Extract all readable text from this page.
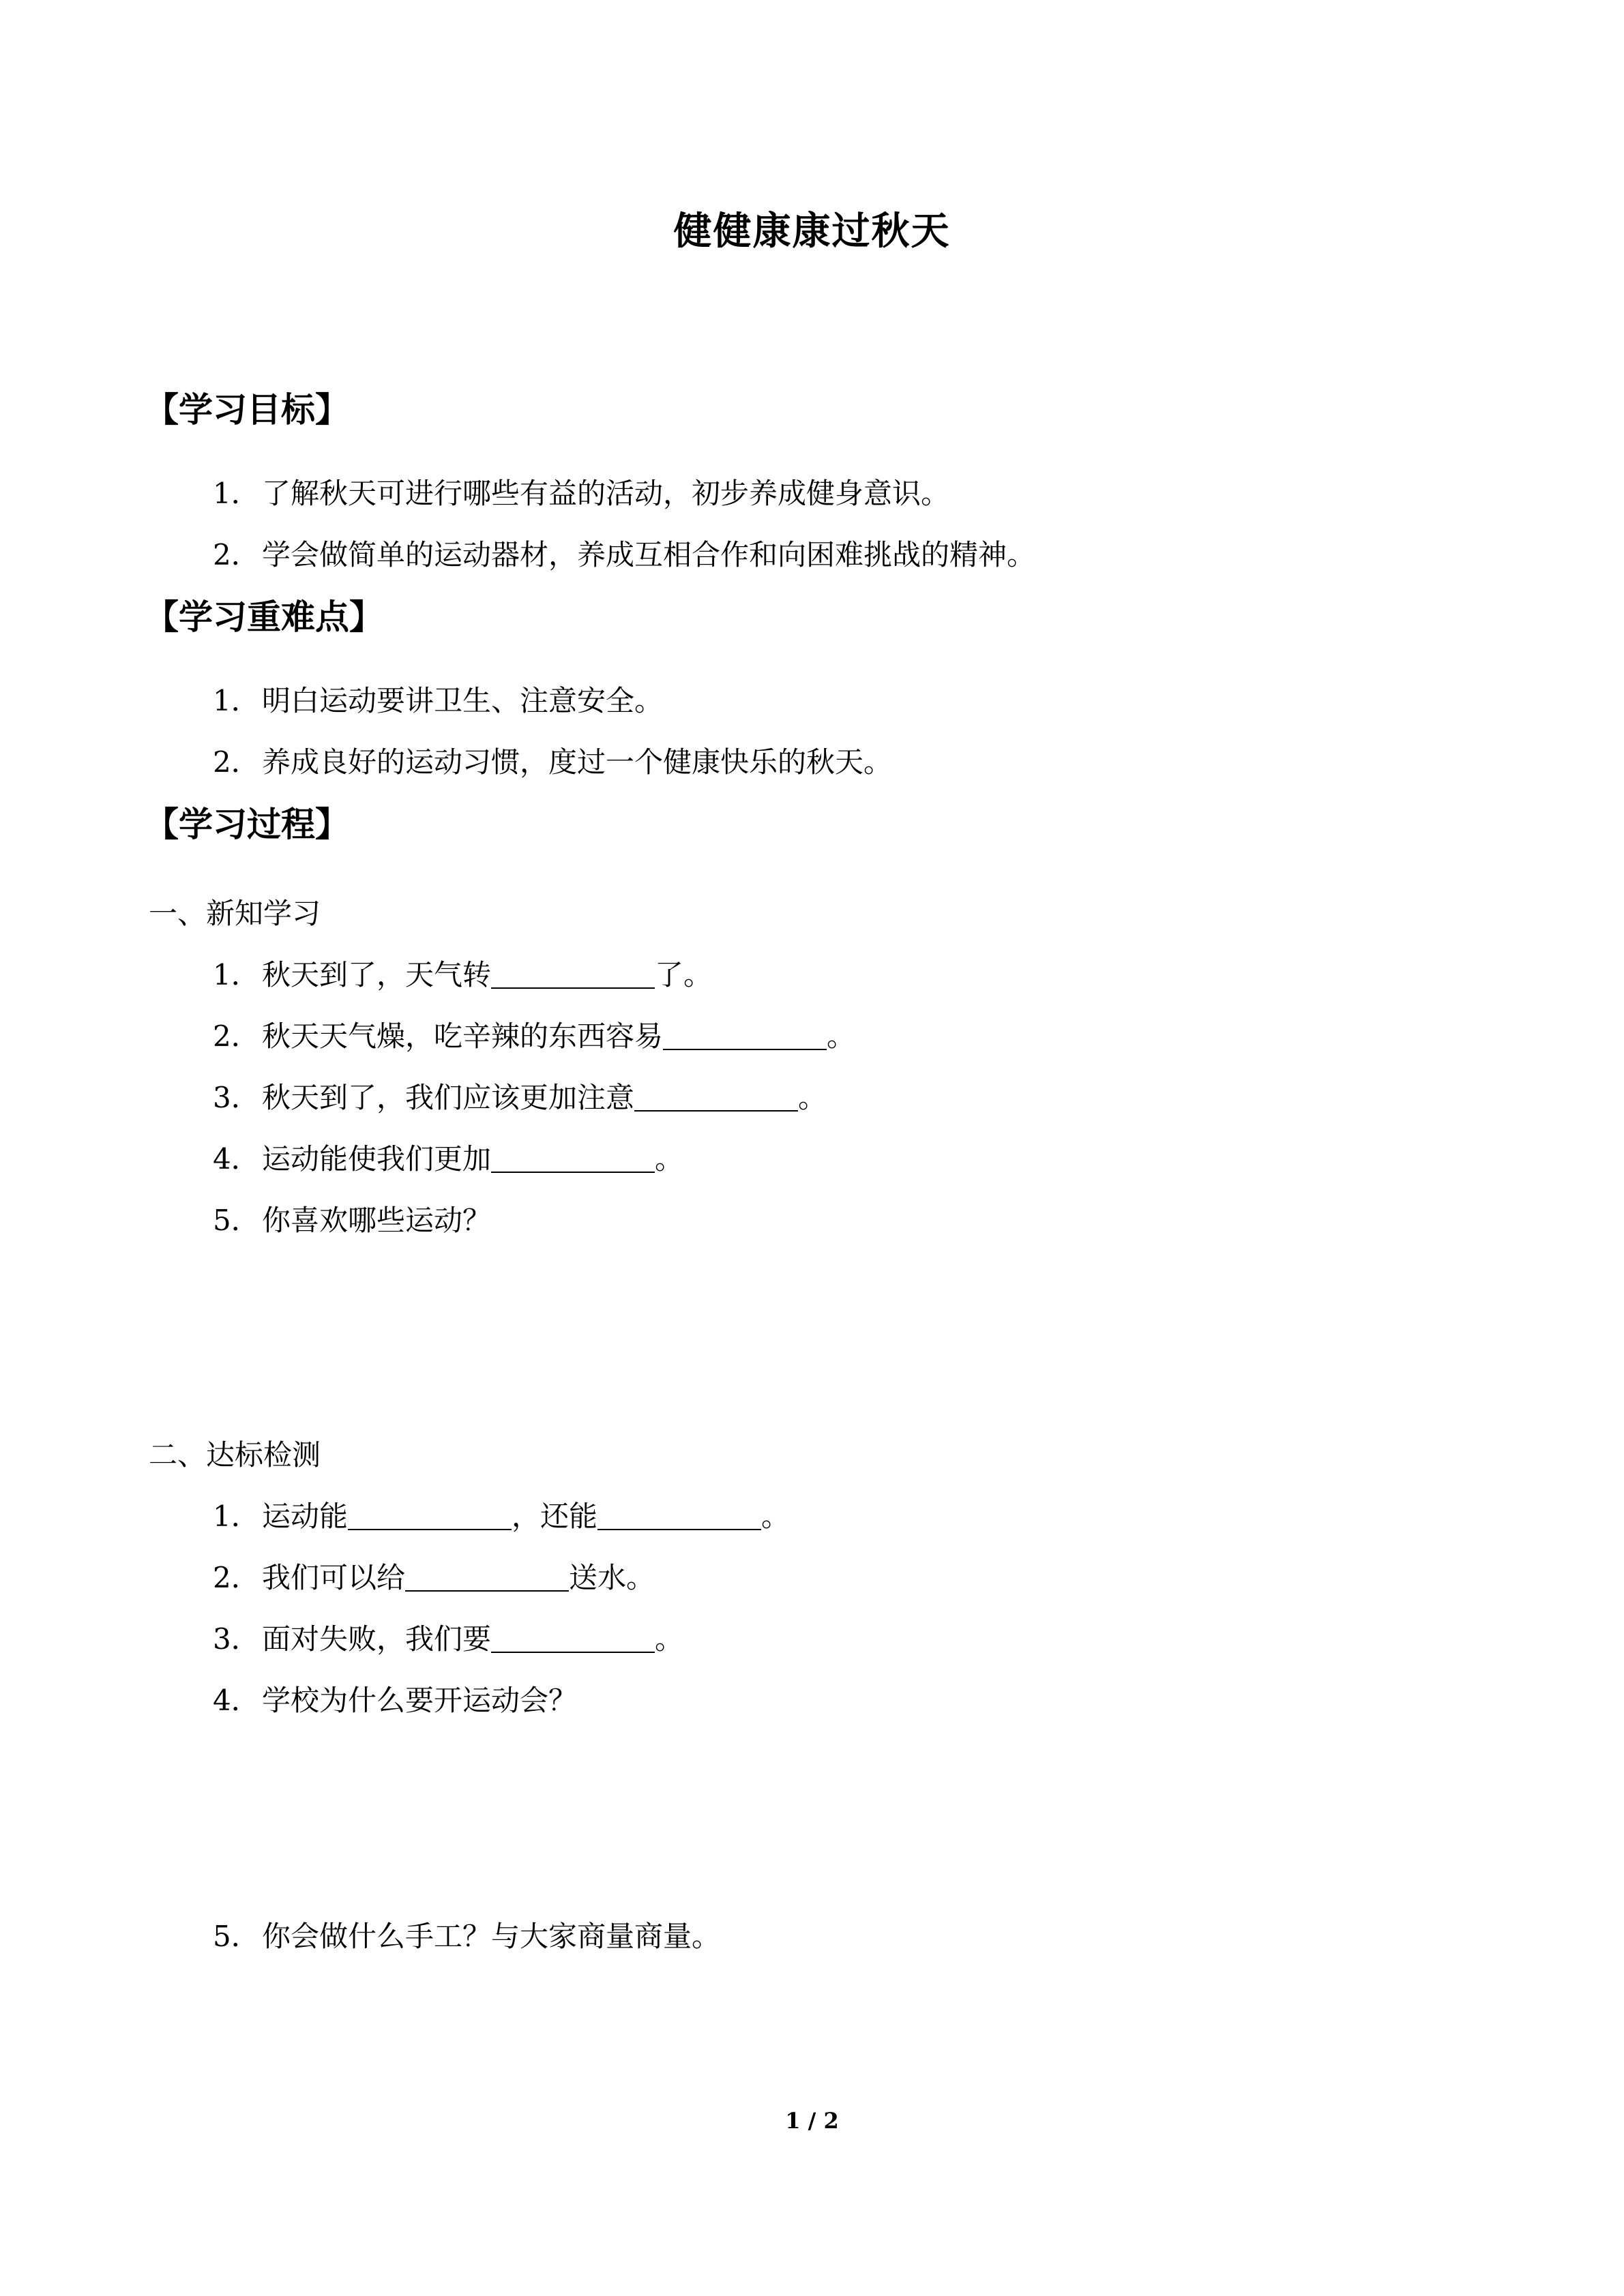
健健康康过秋天
【学习目标】
1．了解秋天可进行哪些有益的活动，初步养成健身意识。
2．学会做简单的运动器材，养成互相合作和向困难挑战的精神。
【学习重难点】
1．明白运动要讲卫生、注意安全。
2．养成良好的运动习惯，度过一个健康快乐的秋天。
【学习过程】
一、新知学习
1．秋天到了，天气转	了。
2．秋天天气燥，吃辛辣的东西容易	。
3．秋天到了，我们应该更加注意	。
4．运动能使我们更加	。
5．你喜欢哪些运动？
二、达标检测
1．运动能	，还能	。
2．我们可以给	送水。
3．面对失败，我们要	。
4．学校为什么要开运动会？
5．你会做什么手工？与大家商量商量。
1 / 2
